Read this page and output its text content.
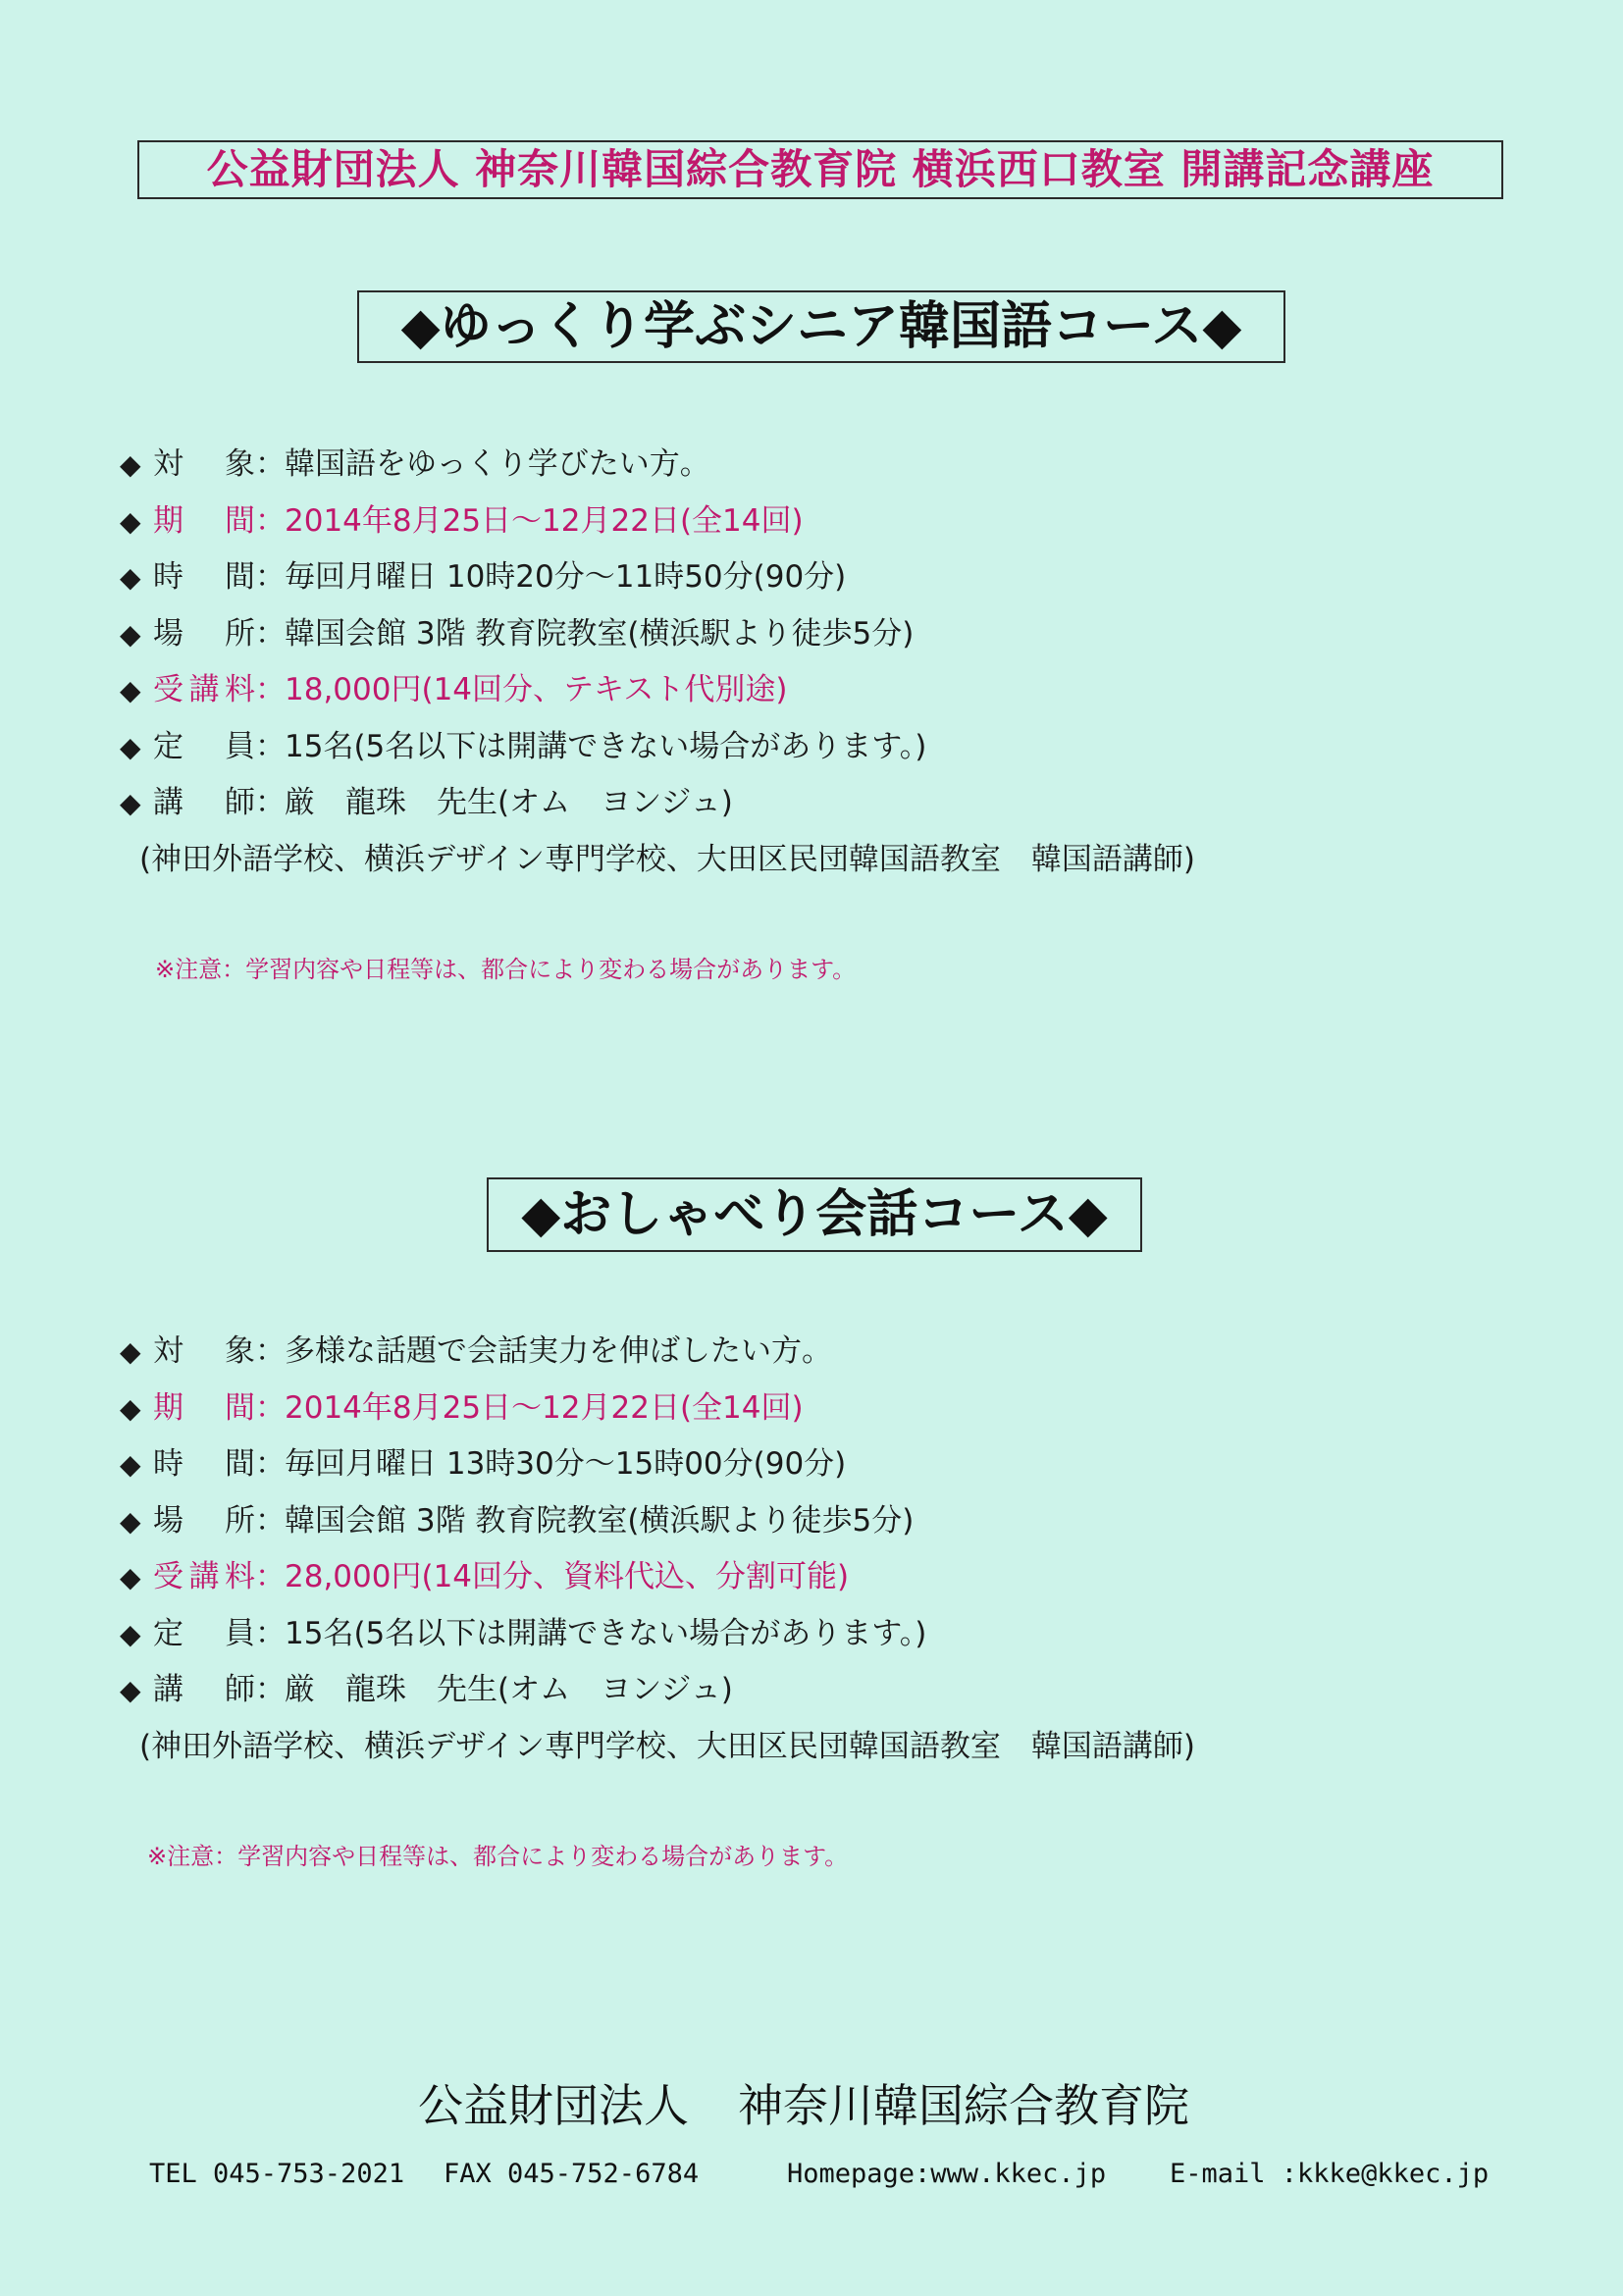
公益財団法人 神奈川韓国綜合教育院 横浜西口教室 開講記念講座
◆ゆっくり学ぶシニア韓国語コース◆
◆ 対 象 ： 韓国語をゆっくり学びたい方。
◆ 期 間 ： 2014年8月25日～12月22日(全14回)
◆ 時 間 ： 毎回月曜日 10時20分～11時50分(90分)
◆ 場 所 ： 韓国会館 3階 教育院教室(横浜駅より徒歩5分)
◆ 受講料 ： 18,000円(14回分、テキスト代別途)
◆ 定 員 ： 15名(5名以下は開講できない場合があります。)
◆ 講 師 ： 厳　龍珠　先生(オム　ヨンジュ)
(神田外語学校、横浜デザイン専門学校、大田区民団韓国語教室　韓国語講師)
※注意：学習内容や日程等は、都合により変わる場合があります。
◆おしゃべり会話コース◆
◆ 対 象 ： 多様な話題で会話実力を伸ばしたい方。
◆ 期 間 ： 2014年8月25日～12月22日(全14回)
◆ 時 間 ： 毎回月曜日 13時30分～15時00分(90分)
◆ 場 所 ： 韓国会館 3階 教育院教室(横浜駅より徒歩5分)
◆ 受講料 ： 28,000円(14回分、資料代込、分割可能)
◆ 定 員 ： 15名(5名以下は開講できない場合があります。)
◆ 講 師 ： 厳　龍珠　先生(オム　ヨンジュ)
(神田外語学校、横浜デザイン専門学校、大田区民団韓国語教室　韓国語講師)
※注意：学習内容や日程等は、都合により変わる場合があります。
公益財団法人 神奈川韓国綜合教育院
TEL 045-753-2021 FAX 045-752-6784	Homepage:www.kkec.jp E-mail :kkke@kkec.jp
